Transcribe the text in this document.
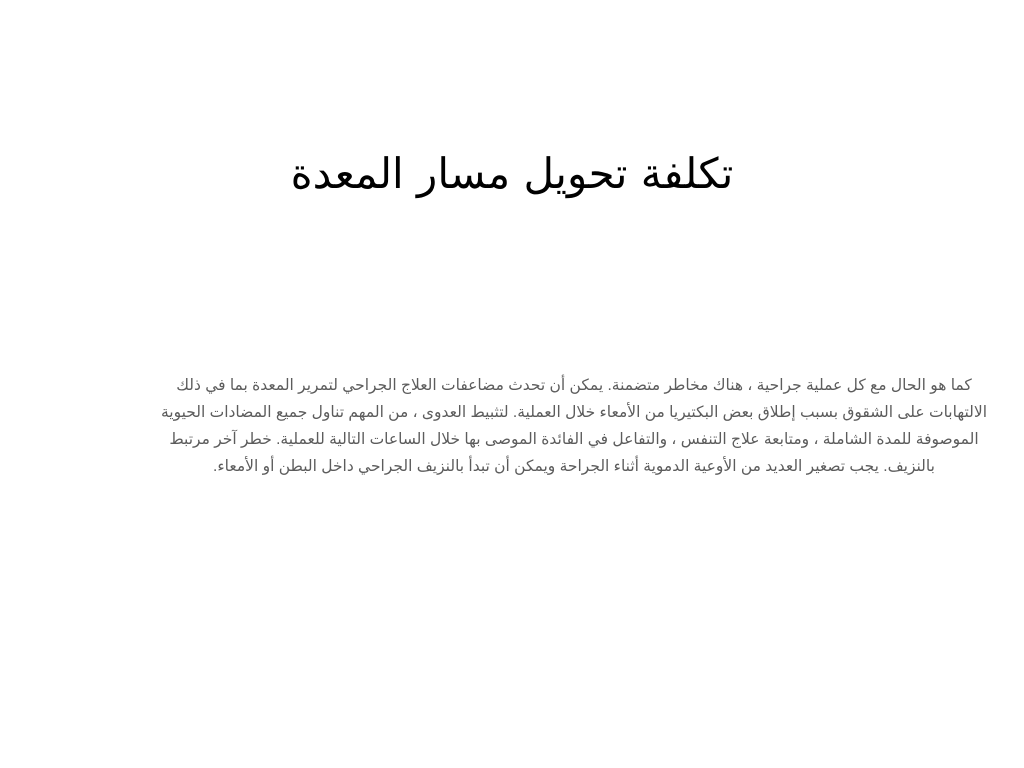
تكلفة تحويل مسار المعدة

كما هو الحال مع كل عملية جراحية ، هناك مخاطر متضمنة. يمكن أن تحدث مضاعفات العلاج الجراحي لتمرير المعدة بما في ذلك الالتهابات على الشقوق بسبب إطلاق بعض البكتيريا من الأمعاء خلال العملية. لتثبيط العدوى ، من المهم تناول جميع المضادات الحيوية الموصوفة للمدة الشاملة ، ومتابعة علاج التنفس ، والتفاعل في الفائدة الموصى بها خلال الساعات التالية للعملية. خطر آخر مرتبط بالنزيف. يجب تصغير العديد من الأوعية الدموية أثناء الجراحة ويمكن أن تبدأ بالنزيف الجراحي داخل البطن أو الأمعاء.
